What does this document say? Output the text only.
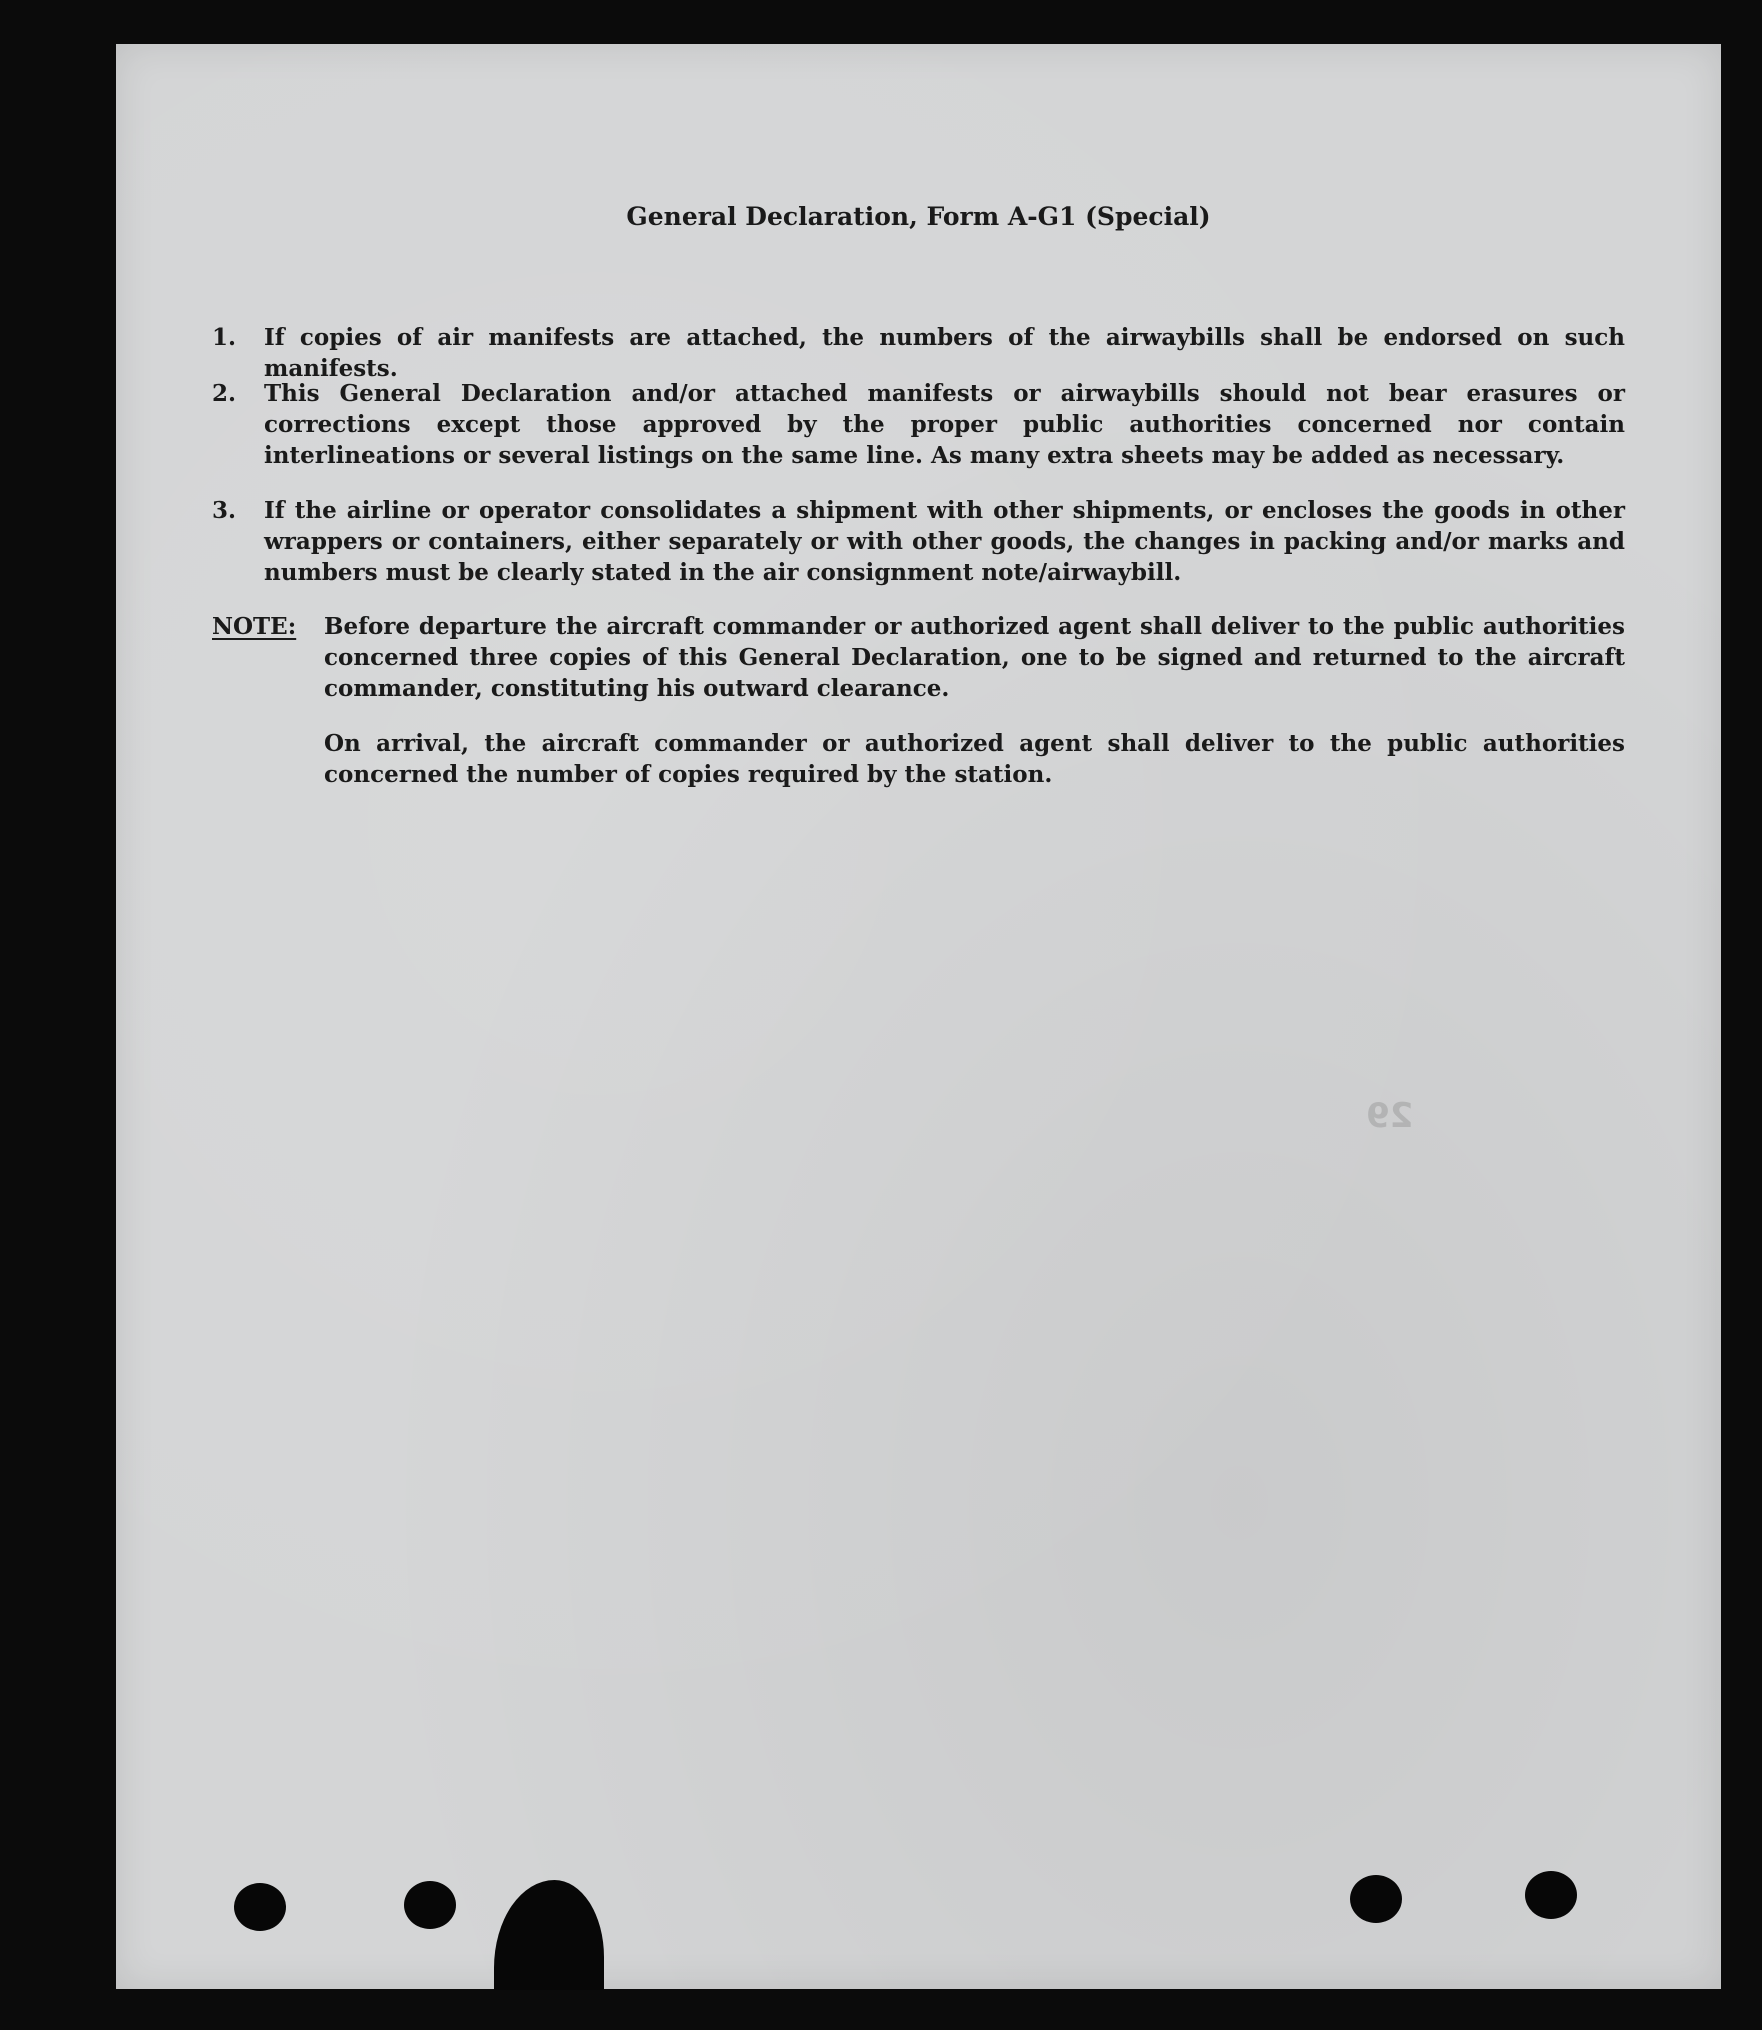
General Declaration, Form A-G1 (Special)
1. If copies of air manifests are attached, the numbers of the airwaybills shall be endorsed on such manifests.
2. This General Declaration and/or attached manifests or airwaybills should not bear erasures or corrections except those approved by the proper public authorities concerned nor contain interlineations or several listings on the same line. As many extra sheets may be added as necessary.
3. If the airline or operator consolidates a shipment with other shipments, or encloses the goods in other wrappers or containers, either separately or with other goods, the changes in packing and/or marks and numbers must be clearly stated in the air consignment note/airwaybill.
NOTE: Before departure the aircraft commander or authorized agent shall deliver to the public authorities concerned three copies of this General Declaration, one to be signed and returned to the aircraft commander, constituting his outward clearance.
On arrival, the aircraft commander or authorized agent shall deliver to the public authorities concerned the number of copies required by the station.
29
